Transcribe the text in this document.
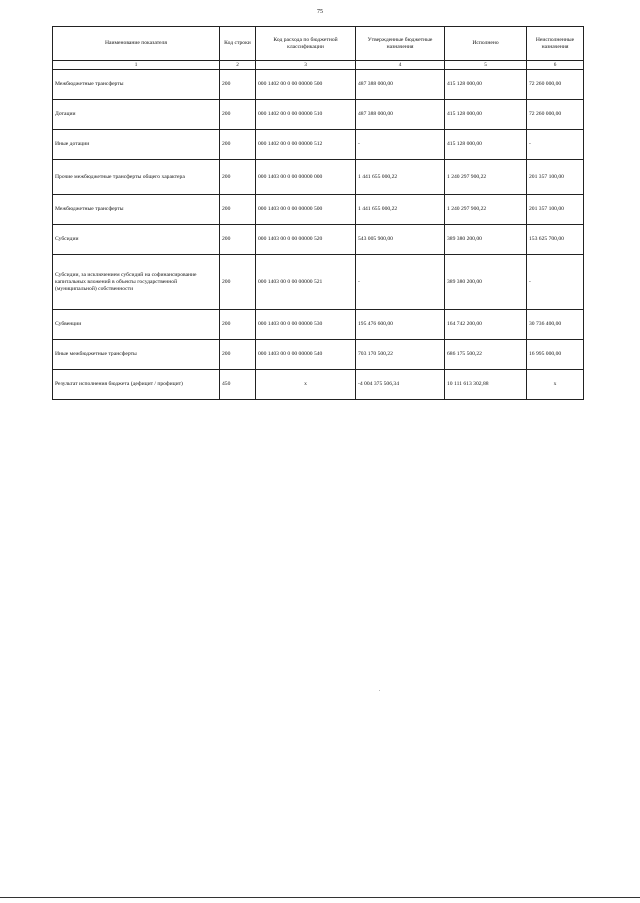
75
Наименование показателя	Код строки	Код расхода по бюджетной классификации	Утвержденные бюджетные назначения	Исполнено	Неисполненные назначения
1	2	3	4	5	6
Межбюджетные трансферты	200	000 1402 00 0 00 00000 500	487 388 000,00	415 128 000,00	72 260 000,00
Дотации	200	000 1402 00 0 00 00000 510	487 388 000,00	415 128 000,00	72 260 000,00
Иные дотации	200	000 1402 00 0 00 00000 512	-	415 128 000,00	-
Прочие межбюджетные трансферты общего характера	200	000 1403 00 0 00 00000 000	1 441 655 000,22	1 240 297 900,22	201 357 100,00
Межбюджетные трансферты	200	000 1403 00 0 00 00000 500	1 441 655 000,22	1 240 297 900,22	201 357 100,00
Субсидии	200	000 1403 00 0 00 00000 520	543 005 900,00	389 380 200,00	153 625 700,00
Субсидии, за исключением субсидий на софинансирование капитальных вложений в объекты государственной (муниципальной) собственности	200	000 1403 00 0 00 00000 521	-	389 380 200,00	-
Субвенции	200	000 1403 00 0 00 00000 530	195 476 600,00	164 742 200,00	30 736 400,00
Иные межбюджетные трансферты	200	000 1403 00 0 00 00000 540	703 170 500,22	686 175 500,22	16 995 000,00
Результат исполнения бюджета (дефицит / профицит)	450	x	-4 004 375 506,34	10 111 613 302,88	x
